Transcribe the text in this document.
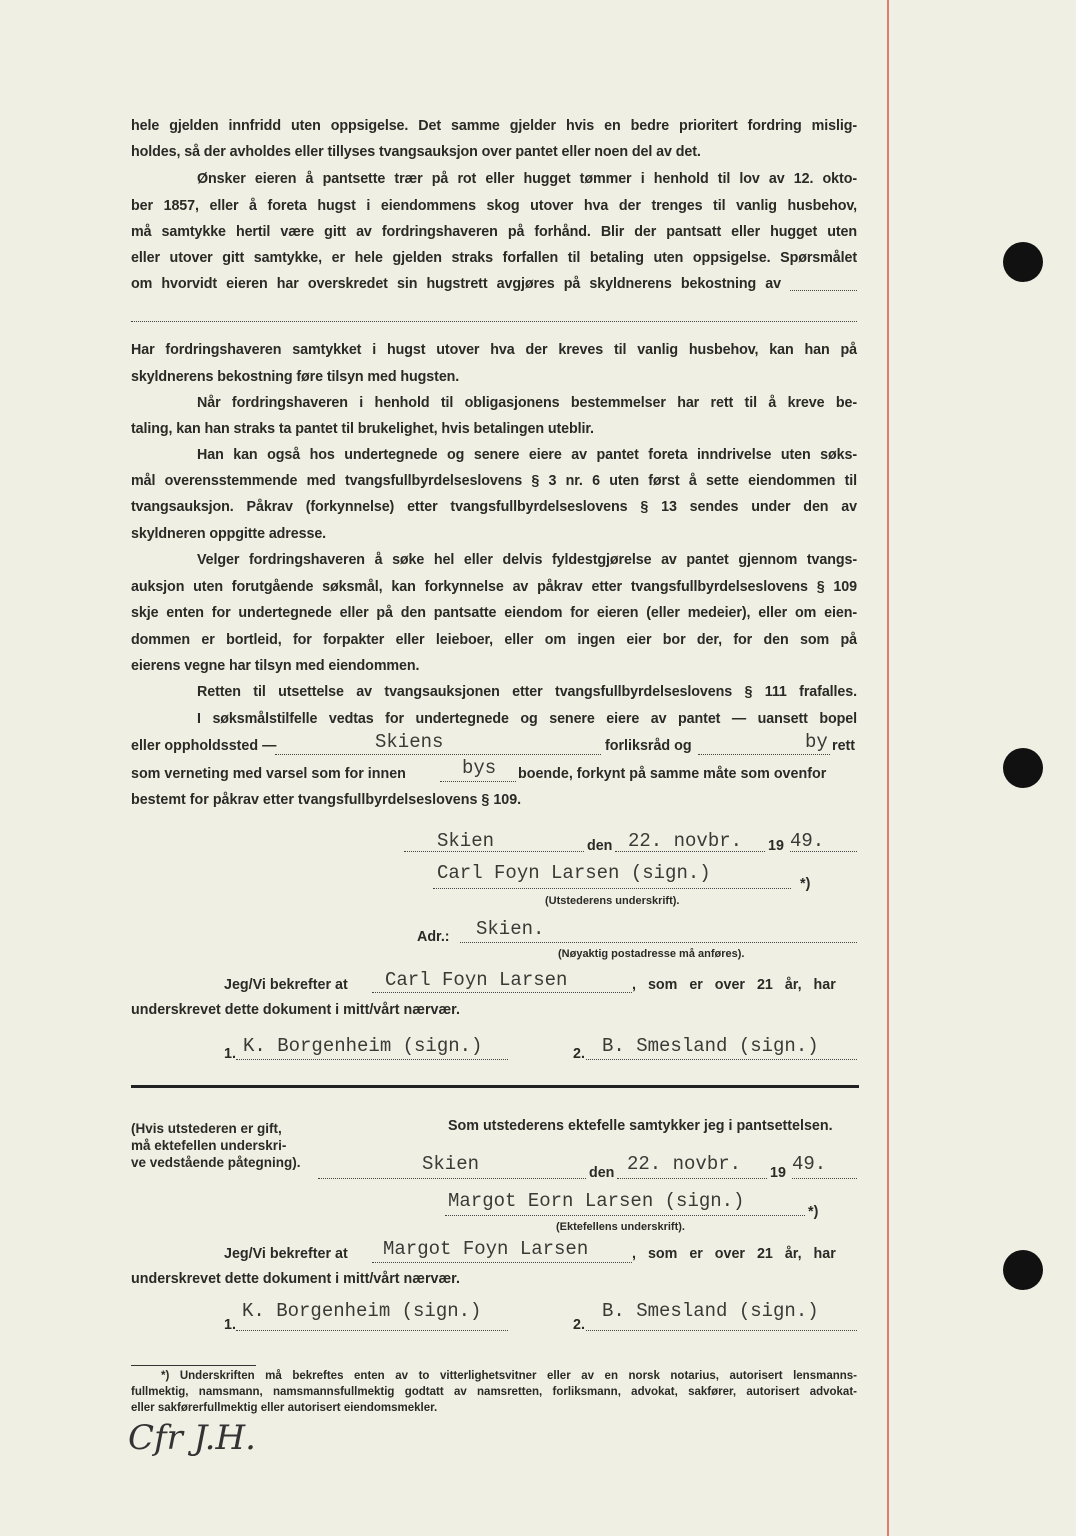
hele gjelden innfridd uten oppsigelse. Det samme gjelder hvis en bedre prioritert fordring mislig-
holdes, så der avholdes eller tillyses tvangsauksjon over pantet eller noen del av det.
Ønsker eieren å pantsette trær på rot eller hugget tømmer i henhold til lov av 12. okto-
ber 1857, eller å foreta hugst i eiendommens skog utover hva der trenges til vanlig husbehov,
må samtykke hertil være gitt av fordringshaveren på forhånd. Blir der pantsatt eller hugget uten
eller utover gitt samtykke, er hele gjelden straks forfallen til betaling uten oppsigelse. Spørsmålet
om hvorvidt eieren har overskredet sin hugstrett avgjøres på skyldnerens bekostning av
Har fordringshaveren samtykket i hugst utover hva der kreves til vanlig husbehov, kan han på
skyldnerens bekostning føre tilsyn med hugsten.
Når fordringshaveren i henhold til obligasjonens bestemmelser har rett til å kreve be-
taling, kan han straks ta pantet til brukelighet, hvis betalingen uteblir.
Han kan også hos undertegnede og senere eiere av pantet foreta inndrivelse uten søks-
mål overensstemmende med tvangsfullbyrdelseslovens § 3 nr. 6 uten først å sette eiendommen til
tvangsauksjon. Påkrav (forkynnelse) etter tvangsfullbyrdelseslovens § 13 sendes under den av
skyldneren oppgitte adresse.
Velger fordringshaveren å søke hel eller delvis fyldestgjørelse av pantet gjennom tvangs-
auksjon uten forutgående søksmål, kan forkynnelse av påkrav etter tvangsfullbyrdelseslovens § 109
skje enten for undertegnede eller på den pantsatte eiendom for eieren (eller medeier), eller om eien-
dommen er bortleid, for forpakter eller leieboer, eller om ingen eier bor der, for den som på
eierens vegne har tilsyn med eiendommen.
Retten til utsettelse av tvangsauksjonen etter tvangsfullbyrdelseslovens § 111 frafalles.
I søksmålstilfelle vedtas for undertegnede og senere eiere av pantet — uansett bopel
eller oppholdssted —	Skiens	forliksråd og	by rett
som verneting med varsel som for innen	bys boende, forkynt på samme måte som ovenfor
bestemt for påkrav etter tvangsfullbyrdelseslovens § 109.
Skien	den 22. novbr. 19 49.
Carl Foyn Larsen (sign.)	*)
(Utstederens underskrift).
Adr.: Skien.
(Nøyaktig postadresse må anføres).
Jeg/Vi bekrefter at Carl Foyn Larsen	, som er over 21 år, har
underskrevet dette dokument i mitt/vårt nærvær.
1. K. Borgenheim (sign.)	2. B. Smesland (sign.)
(Hvis utstederen er gift,
må ektefellen underskri-
ve vedstående påtegning).
Som utstederens ektefelle samtykker jeg i pantsettelsen.
Skien	den 22. novbr. 19 49.
Margot Eorn Larsen (sign.)	*)
(Ektefellens underskrift).
Jeg/Vi bekrefter at Margot Foyn Larsen	, som er over 21 år, har
underskrevet dette dokument i mitt/vårt nærvær.
1.
K. Borgenheim (sign.)
2.
B. Smesland (sign.)
*) Underskriften må bekreftes enten av to vitterlighetsvitner eller av en norsk notarius, autorisert lensmanns-
fullmektig, namsmann, namsmannsfullmektig godtatt av namsretten, forliksmann, advokat, sakfører, autorisert advokat-
eller sakførerfullmektig eller autorisert eiendomsmekler.
Cfr J.H.
